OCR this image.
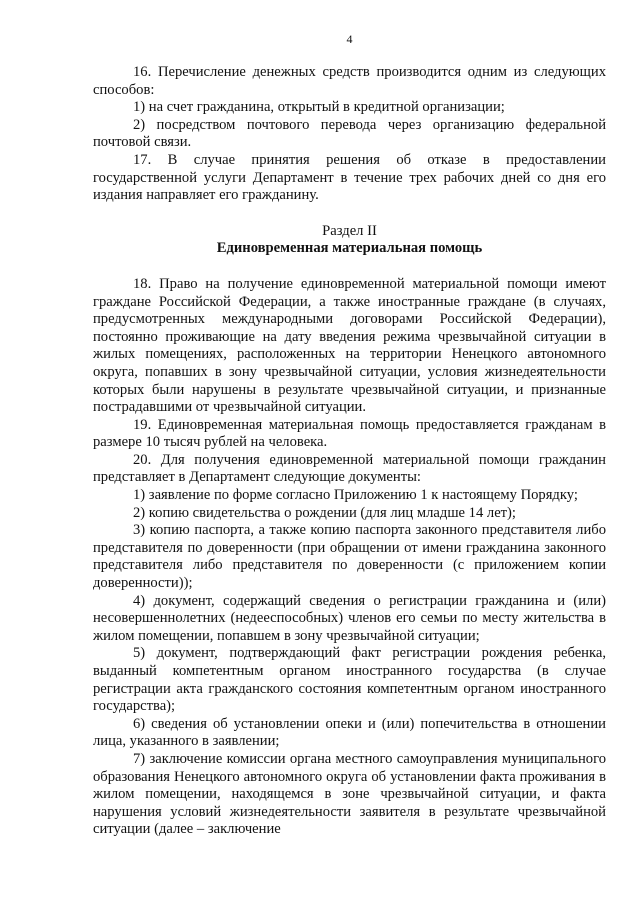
4

16. Перечисление денежных средств производится одним из следующих способов:

1) на счет гражданина, открытый в кредитной организации;

2) посредством почтового перевода через организацию федеральной почтовой связи.

17. В случае принятия решения об отказе в предоставлении государственной услуги Департамент в течение трех рабочих дней со дня его издания направляет его гражданину.

Раздел II
Единовременная материальная помощь

18. Право на получение единовременной материальной помощи имеют граждане Российской Федерации, а также иностранные граждане (в случаях, предусмотренных международными договорами Российской Федерации), постоянно проживающие на дату введения режима чрезвычайной ситуации в жилых помещениях, расположенных на территории Ненецкого автономного округа, попавших в зону чрезвычайной ситуации, условия жизнедеятельности которых были нарушены в результате чрезвычайной ситуации, и признанные пострадавшими от чрезвычайной ситуации.

19. Единовременная материальная помощь предоставляется гражданам в размере 10 тысяч рублей на человека.

20. Для получения единовременной материальной помощи гражданин представляет в Департамент следующие документы:

1) заявление по форме согласно Приложению 1 к настоящему Порядку;

2) копию свидетельства о рождении (для лиц младше 14 лет);

3) копию паспорта, а также копию паспорта законного представителя либо представителя по доверенности (при обращении от имени гражданина законного представителя либо представителя по доверенности (с приложением копии доверенности));

4) документ, содержащий сведения о регистрации гражданина и (или) несовершеннолетних (недееспособных) членов его семьи по месту жительства в жилом помещении, попавшем в зону чрезвычайной ситуации;

5) документ, подтверждающий факт регистрации рождения ребенка, выданный компетентным органом иностранного государства (в случае регистрации акта гражданского состояния компетентным органом иностранного государства);

6) сведения об установлении опеки и (или) попечительства в отношении лица, указанного в заявлении;

7) заключение комиссии органа местного самоуправления муниципального образования Ненецкого автономного округа об установлении факта проживания в жилом помещении, находящемся в зоне чрезвычайной ситуации, и факта нарушения условий жизнедеятельности заявителя в результате чрезвычайной ситуации (далее – заключение
